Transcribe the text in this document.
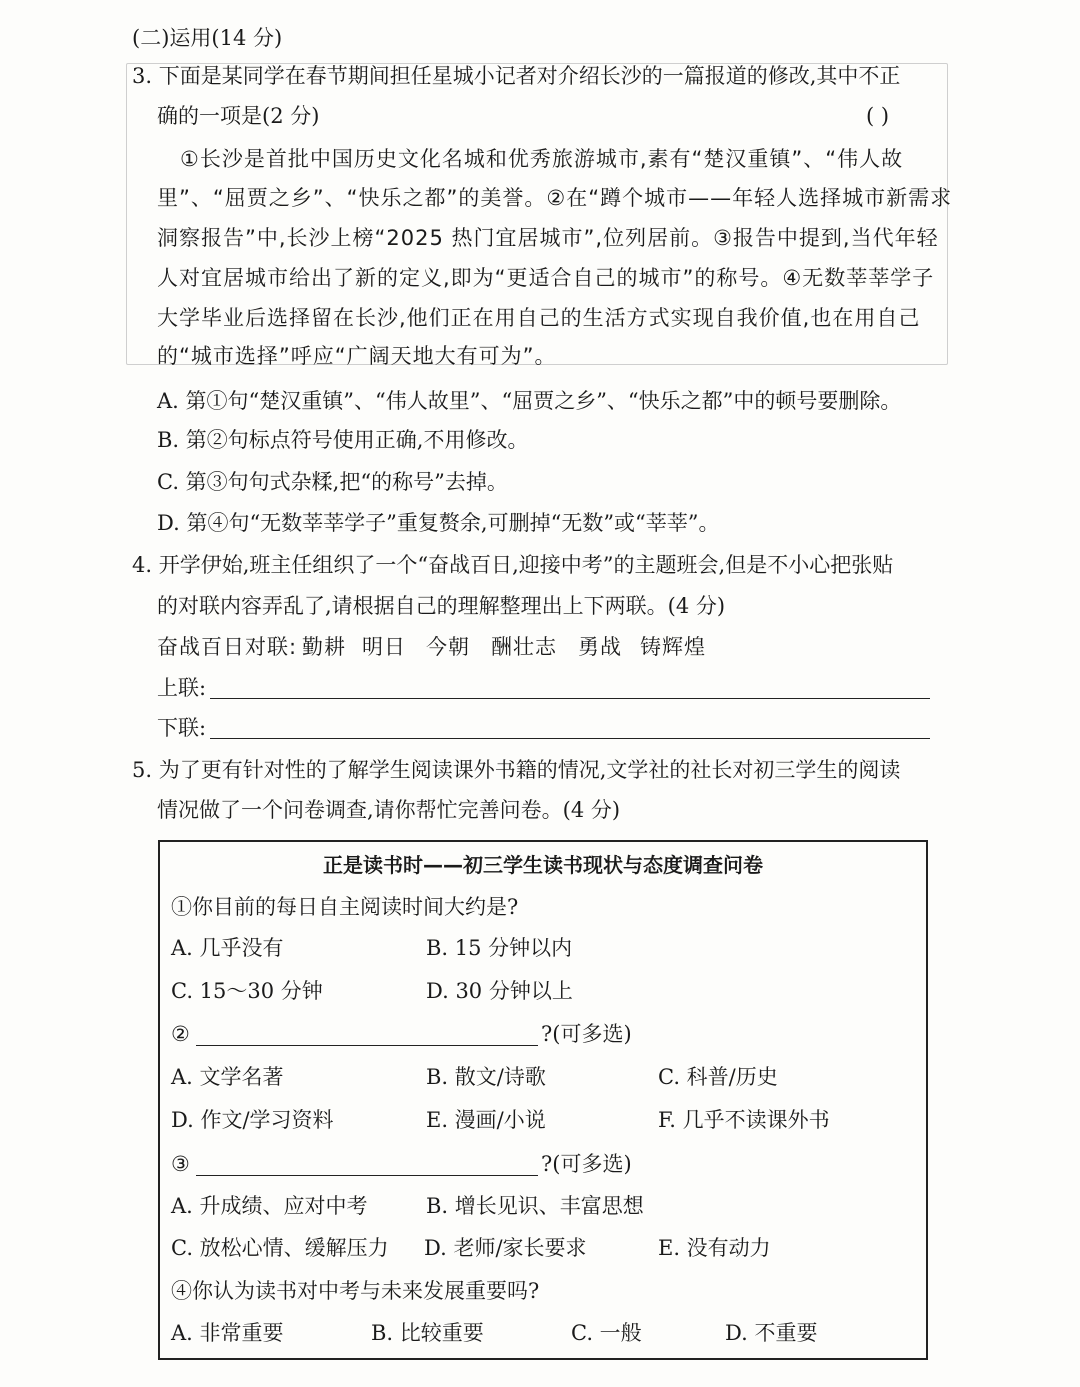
(二)运用(14 分)
3. 下面是某同学在春节期间担任星城小记者对介绍长沙的一篇报道的修改,其中不正
确的一项是(2 分)	( )
①长沙是首批中国历史文化名城和优秀旅游城市,素有“楚汉重镇”、“伟人故
里”、“屈贾之乡”、“快乐之都”的美誉。②在“蹲个城市——年轻人选择城市新需求
洞察报告”中,长沙上榜“2025 热门宜居城市”,位列居前。③报告中提到,当代年轻
人对宜居城市给出了新的定义,即为“更适合自己的城市”的称号。④无数莘莘学子
大学毕业后选择留在长沙,他们正在用自己的生活方式实现自我价值,也在用自己
的“城市选择”呼应“广阔天地大有可为”。
A. 第①句“楚汉重镇”、“伟人故里”、“屈贾之乡”、“快乐之都”中的顿号要删除。
B. 第②句标点符号使用正确,不用修改。
C. 第③句句式杂糅,把“的称号”去掉。
D. 第④句“无数莘莘学子”重复赘余,可删掉“无数”或“莘莘”。
4. 开学伊始,班主任组织了一个“奋战百日,迎接中考”的主题班会,但是不小心把张贴
的对联内容弄乱了,请根据自己的理解整理出上下两联。(4 分)
奋战百日对联: 勤耕 明日 今朝 酬壮志 勇战 铸辉煌
上联:
下联:
5. 为了更有针对性的了解学生阅读课外书籍的情况,文学社的社长对初三学生的阅读
情况做了一个问卷调查,请你帮忙完善问卷。(4 分)
正是读书时——初三学生读书现状与态度调查问卷
①你目前的每日自主阅读时间大约是?
A. 几乎没有	B. 15 分钟以内
C. 15～30 分钟	D. 30 分钟以上
②	?(可多选)
A. 文学名著	B. 散文/诗歌	C. 科普/历史
D. 作文/学习资料	E. 漫画/小说	F. 几乎不读课外书
③	?(可多选)
A. 升成绩、应对中考	B. 增长见识、丰富思想
C. 放松心情、缓解压力 D. 老师/家长要求	E. 没有动力
④你认为读书对中考与未来发展重要吗?
A. 非常重要	B. 比较重要	C. 一般	D. 不重要
